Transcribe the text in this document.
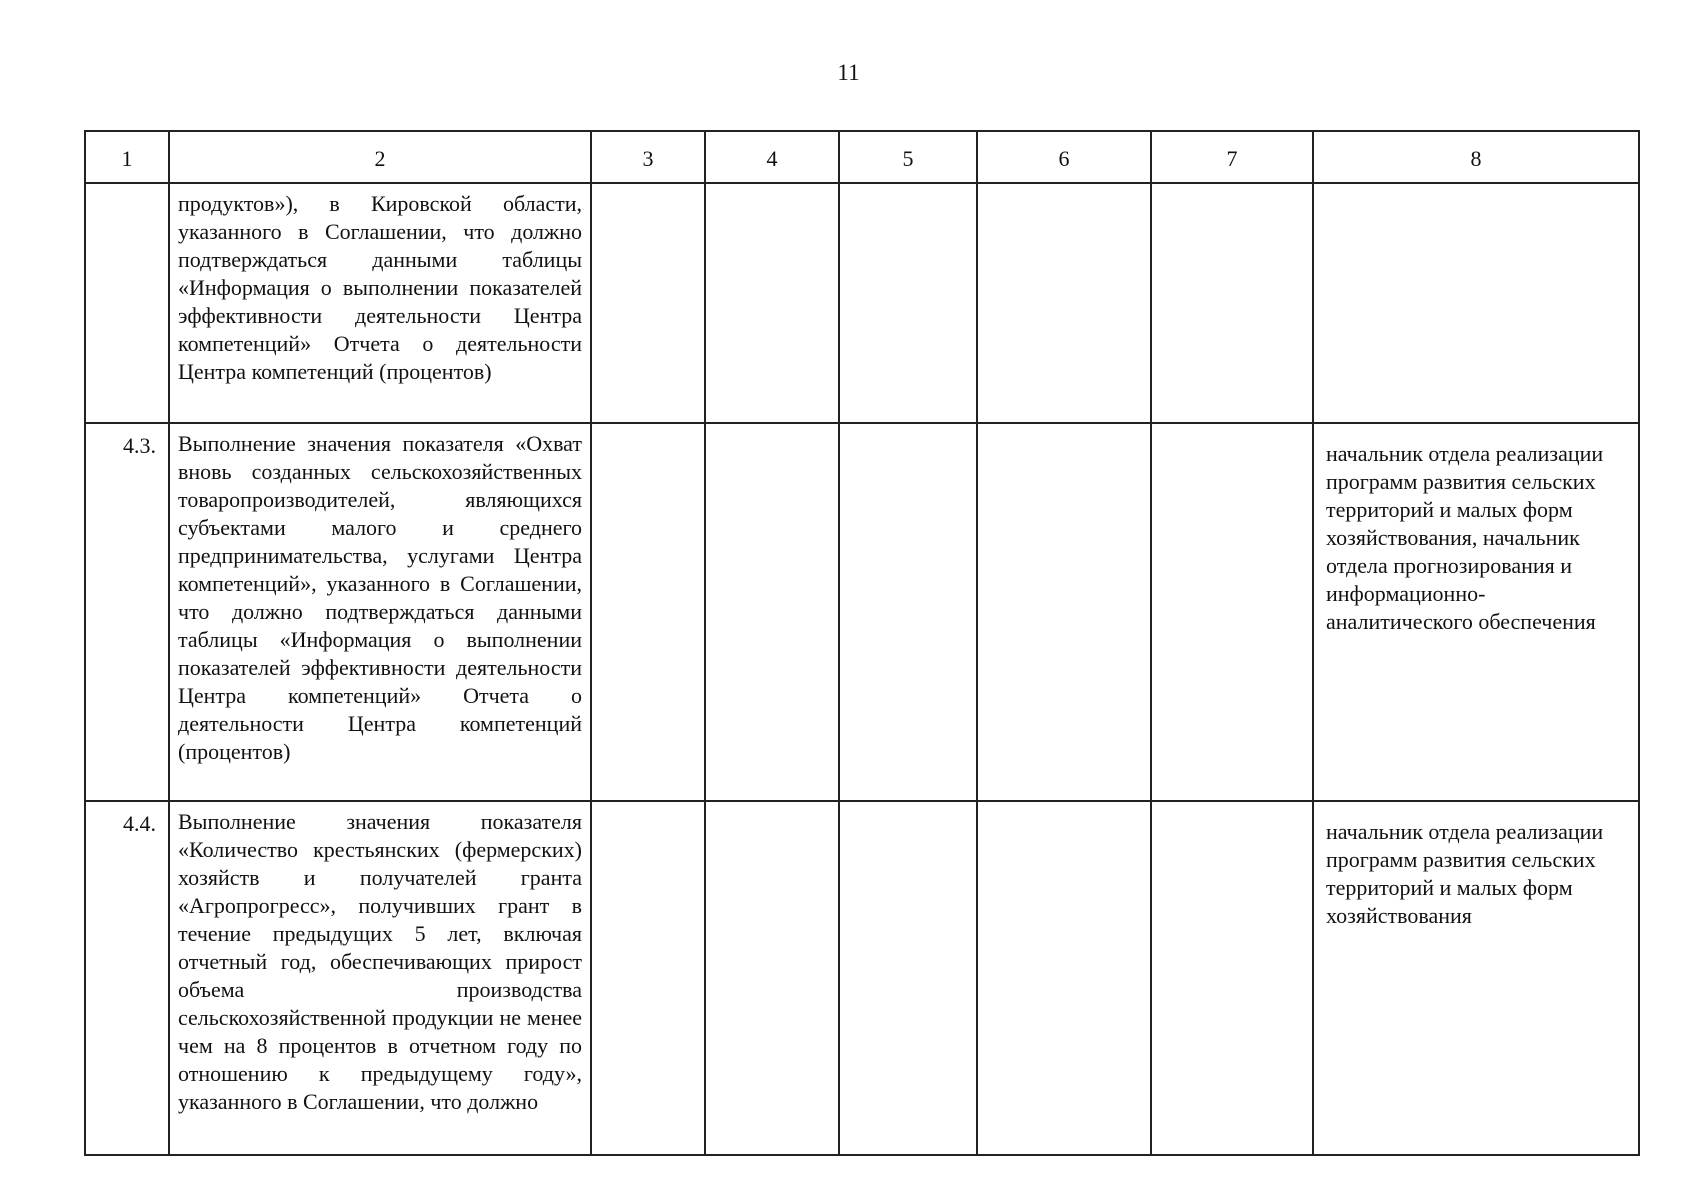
11
1	2	3	4	5	6	7	8
	продуктов»), в Кировской области, указанного в Соглашении, что должно подтверждаться данными таблицы «Информация о выполнении показателей эффективности деятельности Центра компетенций» Отчета о деятельности Центра компетенций (процентов)						
4.3.	Выполнение значения показателя «Охват вновь созданных сельскохозяйственных товаропроизводителей, являющихся субъектами малого и среднего предпринимательства, услугами Центра компетенций», указанного в Соглашении, что должно подтверждаться данными таблицы «Информация о выполнении показателей эффективности деятельности Центра компетенций» Отчета о деятельности Центра компетенций (процентов)						начальник отдела реализации программ развития сельских территорий и малых форм хозяйствования, начальник отдела прогнозирования и информационно-аналитического обеспечения
4.4.	Выполнение значения показателя «Количество крестьянских (фермерских) хозяйств и получателей гранта «Агропрогресс», получивших грант в течение предыдущих 5 лет, включая отчетный год, обеспечивающих прирост объема производства сельскохозяйственной продукции не менее чем на 8 процентов в отчетном году по отношению к предыдущему году», указанного в Соглашении, что должно						начальник отдела реализации программ развития сельских территорий и малых форм хозяйствования
